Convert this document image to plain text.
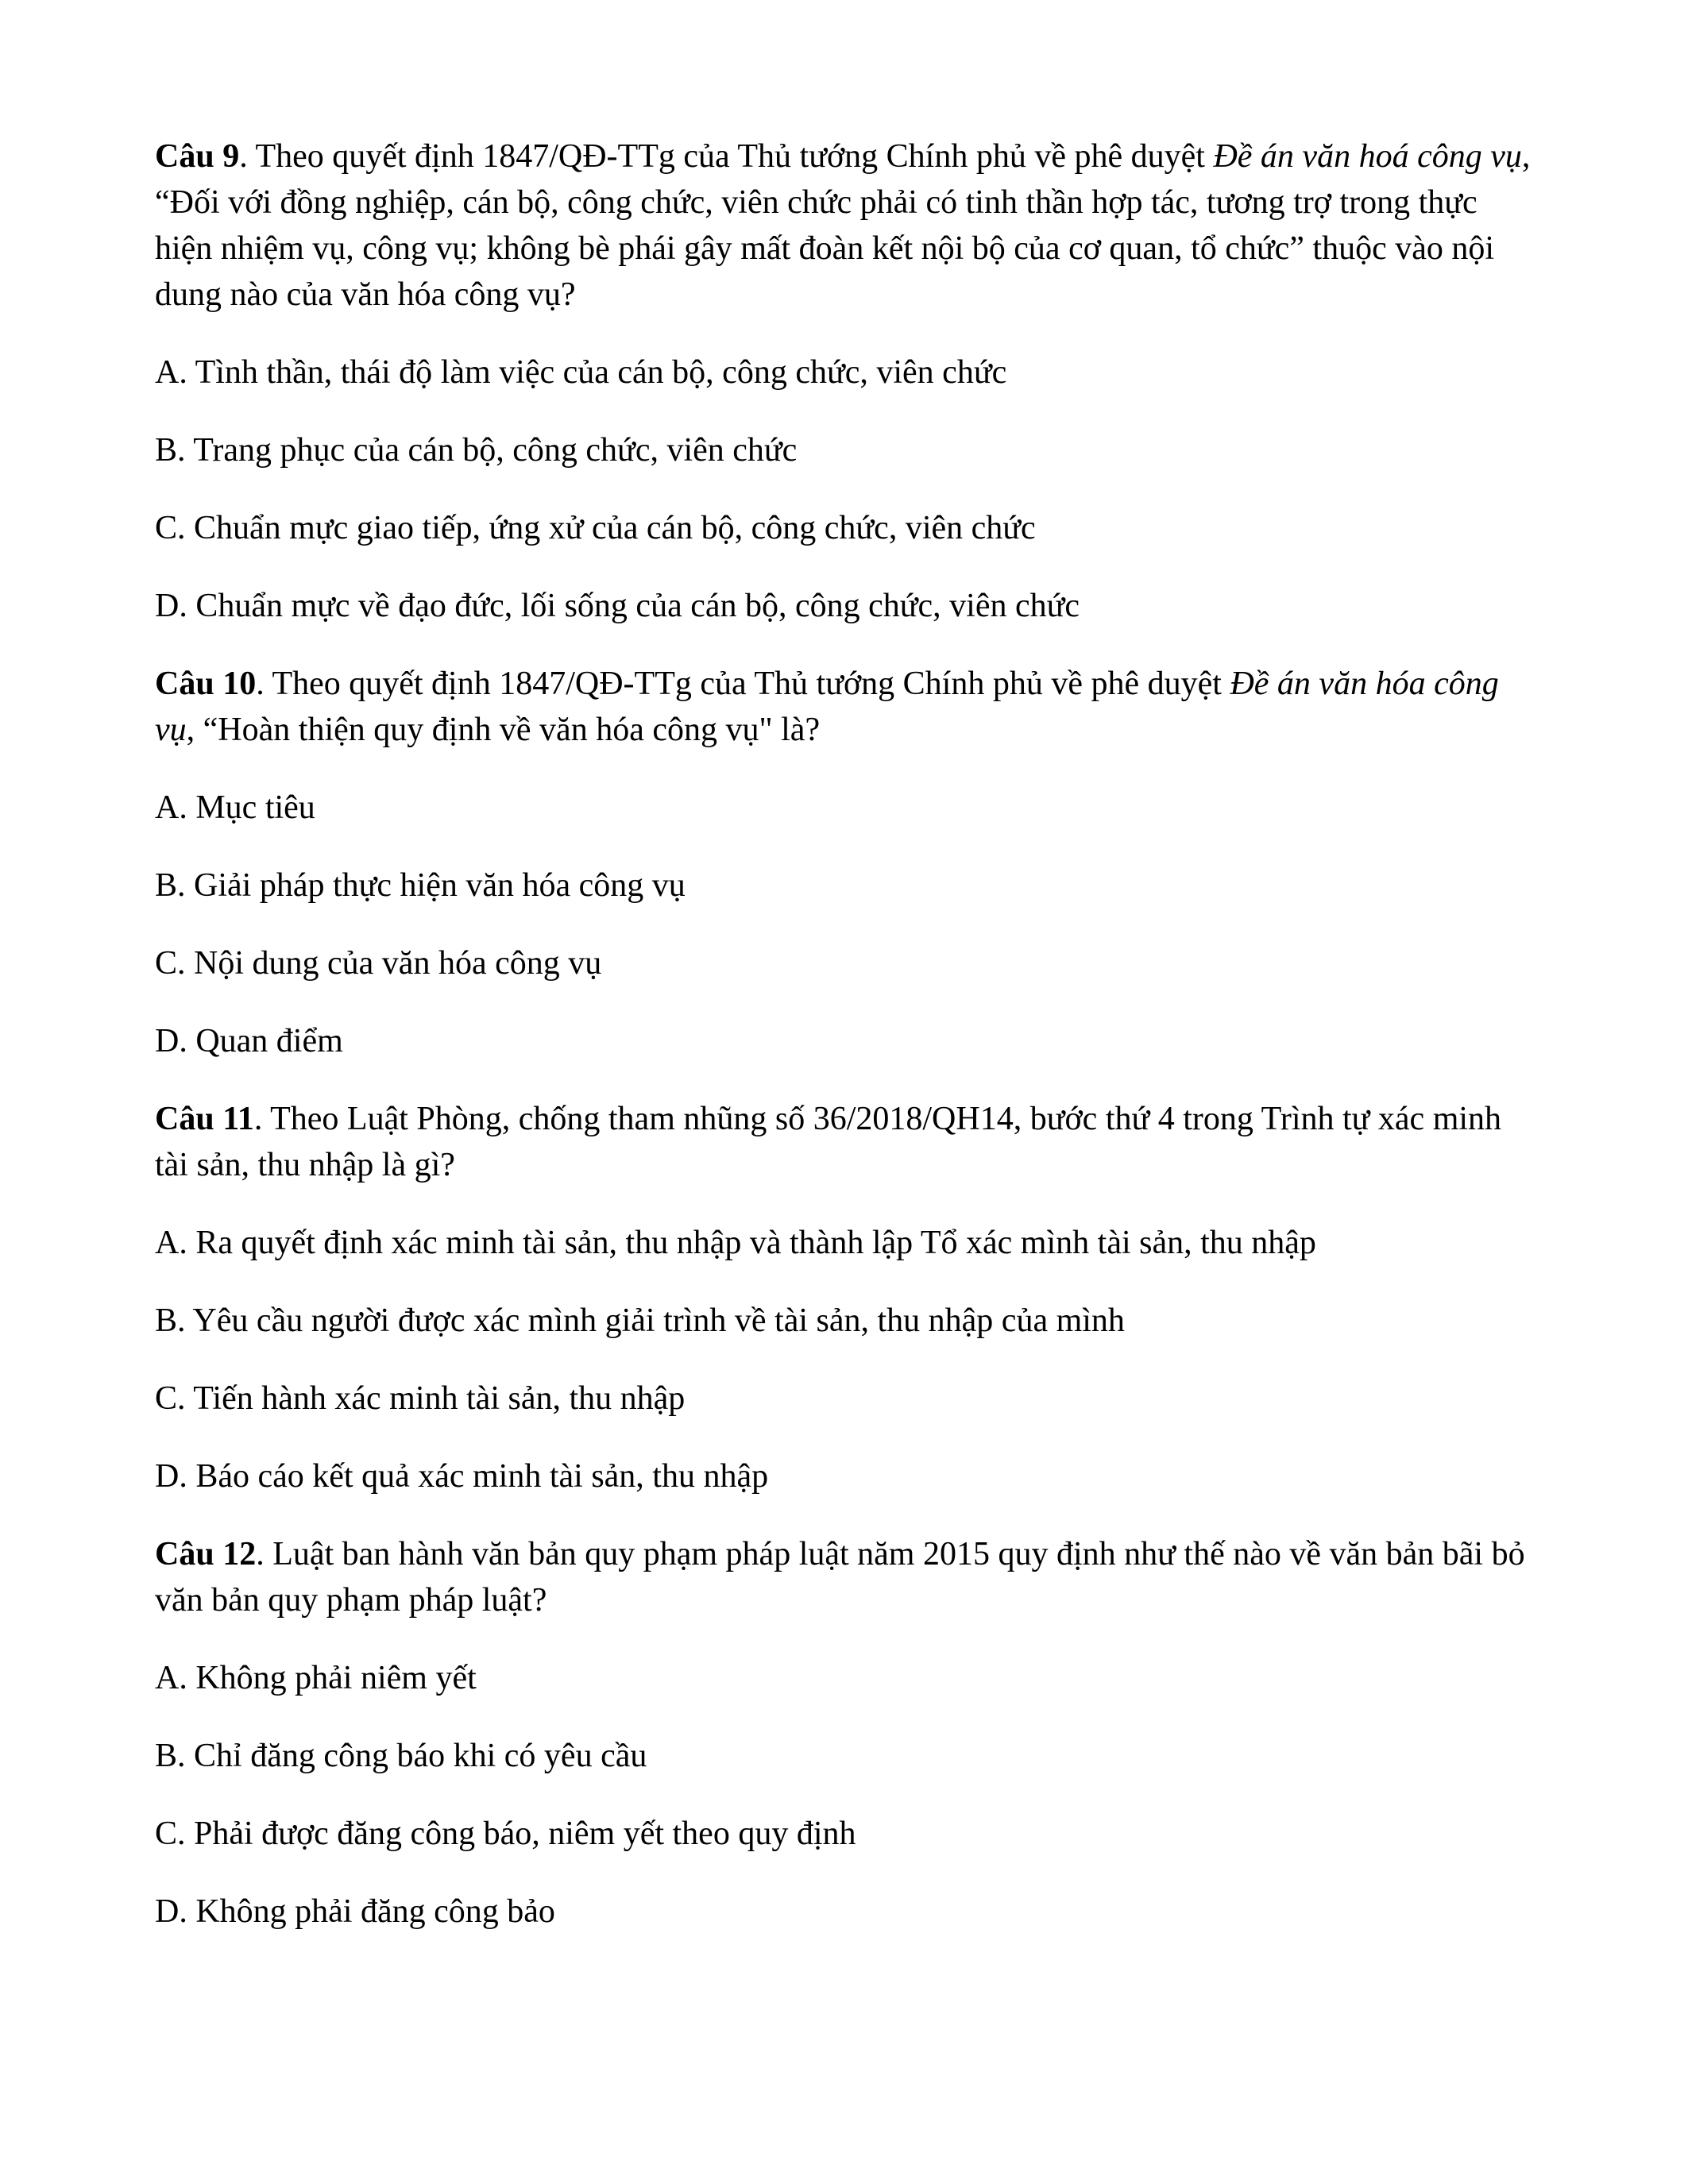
Câu 9. Theo quyết định 1847/QĐ-TTg của Thủ tướng Chính phủ về phê duyệt Đề án văn hoá công vụ, “Đối với đồng nghiệp, cán bộ, công chức, viên chức phải có tinh thần hợp tác, tương trợ trong thực hiện nhiệm vụ, công vụ; không bè phái gây mất đoàn kết nội bộ của cơ quan, tổ chức” thuộc vào nội dung nào của văn hóa công vụ?

A. Tình thần, thái độ làm việc của cán bộ, công chức, viên chức

B. Trang phục của cán bộ, công chức, viên chức

C. Chuẩn mực giao tiếp, ứng xử của cán bộ, công chức, viên chức

D. Chuẩn mực về đạo đức, lối sống của cán bộ, công chức, viên chức

Câu 10. Theo quyết định 1847/QĐ-TTg của Thủ tướng Chính phủ về phê duyệt Đề án văn hóa công vụ, “Hoàn thiện quy định về văn hóa công vụ" là?

A. Mục tiêu

B. Giải pháp thực hiện văn hóa công vụ

C. Nội dung của văn hóa công vụ

D. Quan điểm

Câu 11. Theo Luật Phòng, chống tham nhũng số 36/2018/QH14, bước thứ 4 trong Trình tự xác minh tài sản, thu nhập là gì?

A. Ra quyết định xác minh tài sản, thu nhập và thành lập Tổ xác mình tài sản, thu nhập

B. Yêu cầu người được xác mình giải trình về tài sản, thu nhập của mình

C. Tiến hành xác minh tài sản, thu nhập

D. Báo cáo kết quả xác minh tài sản, thu nhập

Câu 12. Luật ban hành văn bản quy phạm pháp luật năm 2015 quy định như thế nào về văn bản bãi bỏ văn bản quy phạm pháp luật?

A. Không phải niêm yết

B. Chỉ đăng công báo khi có yêu cầu

C. Phải được đăng công báo, niêm yết theo quy định

D. Không phải đăng công bảo
